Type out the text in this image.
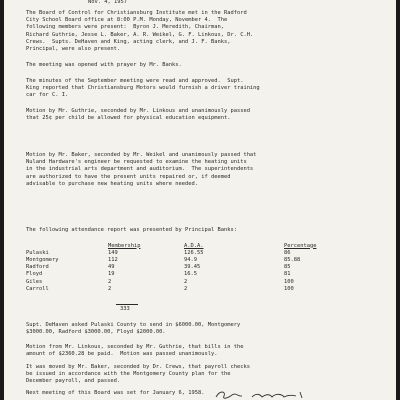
Nov. 4, 1957
The Board of Control for Christiansburg Institute met in the Radford
City School Board office at 8:00 P.M. Monday, November 4.  The
following members were present:  Byron J. Meredith, Chairman,
Richard Guthrie, Jesse L. Baker, A. R. Weikel, G. F. Linkous, Dr. C.H.
Crews.  Supts. DeHaven and King, acting clerk, and J. F. Banks,
Principal, were also present.
The meeting was opened with prayer by Mr. Banks.
The minutes of the September meeting were read and approved.  Supt.
King reported that Christiansburg Motors would furnish a driver training
car for C. I.
Motion by Mr. Guthrie, seconded by Mr. Linkous and unanimously passed
that 25¢ per child be allowed for physical education equipment.
Motion by Mr. Baker, seconded by Mr. Weikel and unanimously passed that
Nuland Hardware's engineer be requested to examine the heating units
in the industrial arts department and auditorium.  The superintendents
are authorized to have the present units repaired or, if deemed
advisable to purchase new heating units where needed.
The following attendance report was presented by Principal Banks:
	Membership	A.D.A.	Percentage
Pulaski	149	126.55	86
Montgomery	112	94.9	85.88
Radford	49	39.45	85
Floyd	19	16.5	81
Giles	2	2	100
Carroll	2	2	100
333
Supt. DeHaven asked Pulaski County to send in $6000.00, Montgomery
$3000.00, Radford $3000.00, Floyd $2000.00.
Motion from Mr. Linkous, seconded by Mr. Guthrie, that bills in the
amount of $2360.28 be paid.  Motion was passed unanimously.
It was moved by Mr. Baker, seconded by Dr. Crews, that payroll checks
be issued in accordance with the Montgomery County plan for the
December payroll, and passed.
Next meeting of this Board was set for January 6, 1958.
